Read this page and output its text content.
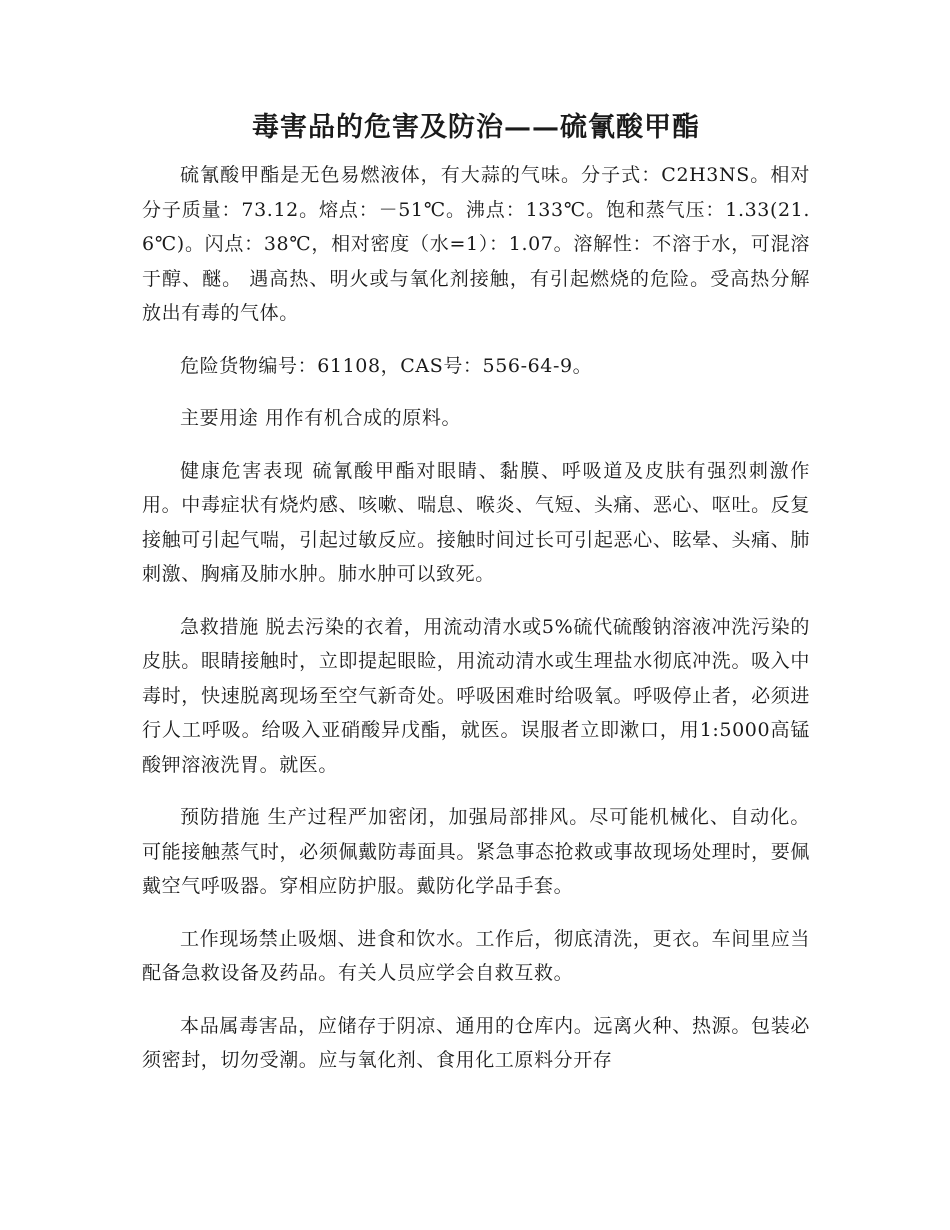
毒害品的危害及防治——硫氰酸甲酯

硫氰酸甲酯是无色易燃液体，有大蒜的气味。分子式：C2H3NS。相对分子质量：73.12。熔点：－51℃。沸点：133℃。饱和蒸气压：1.33(21.6℃)。闪点：38℃，相对密度（水=1）：1.07。溶解性：不溶于水，可混溶于醇、醚。 遇高热、明火或与氧化剂接触，有引起燃烧的危险。受高热分解放出有毒的气体。

危险货物编号：61108，CAS号：556-64-9。

主要用途 用作有机合成的原料。

健康危害表现 硫氰酸甲酯对眼睛、黏膜、呼吸道及皮肤有强烈刺激作用。中毒症状有烧灼感、咳嗽、喘息、喉炎、气短、头痛、恶心、呕吐。反复接触可引起气喘，引起过敏反应。接触时间过长可引起恶心、眩晕、头痛、肺刺激、胸痛及肺水肿。肺水肿可以致死。

急救措施 脱去污染的衣着，用流动清水或5%硫代硫酸钠溶液冲洗污染的皮肤。眼睛接触时，立即提起眼睑，用流动清水或生理盐水彻底冲洗。吸入中毒时，快速脱离现场至空气新奇处。呼吸困难时给吸氧。呼吸停止者，必须进行人工呼吸。给吸入亚硝酸异戊酯，就医。误服者立即漱口，用1:5000高锰酸钾溶液洗胃。就医。

预防措施 生产过程严加密闭，加强局部排风。尽可能机械化、自动化。可能接触蒸气时，必须佩戴防毒面具。紧急事态抢救或事故现场处理时，要佩戴空气呼吸器。穿相应防护服。戴防化学品手套。

工作现场禁止吸烟、进食和饮水。工作后，彻底清洗，更衣。车间里应当配备急救设备及药品。有关人员应学会自救互救。

本品属毒害品，应储存于阴凉、通用的仓库内。远离火种、热源。包装必须密封，切勿受潮。应与氧化剂、食用化工原料分开存
